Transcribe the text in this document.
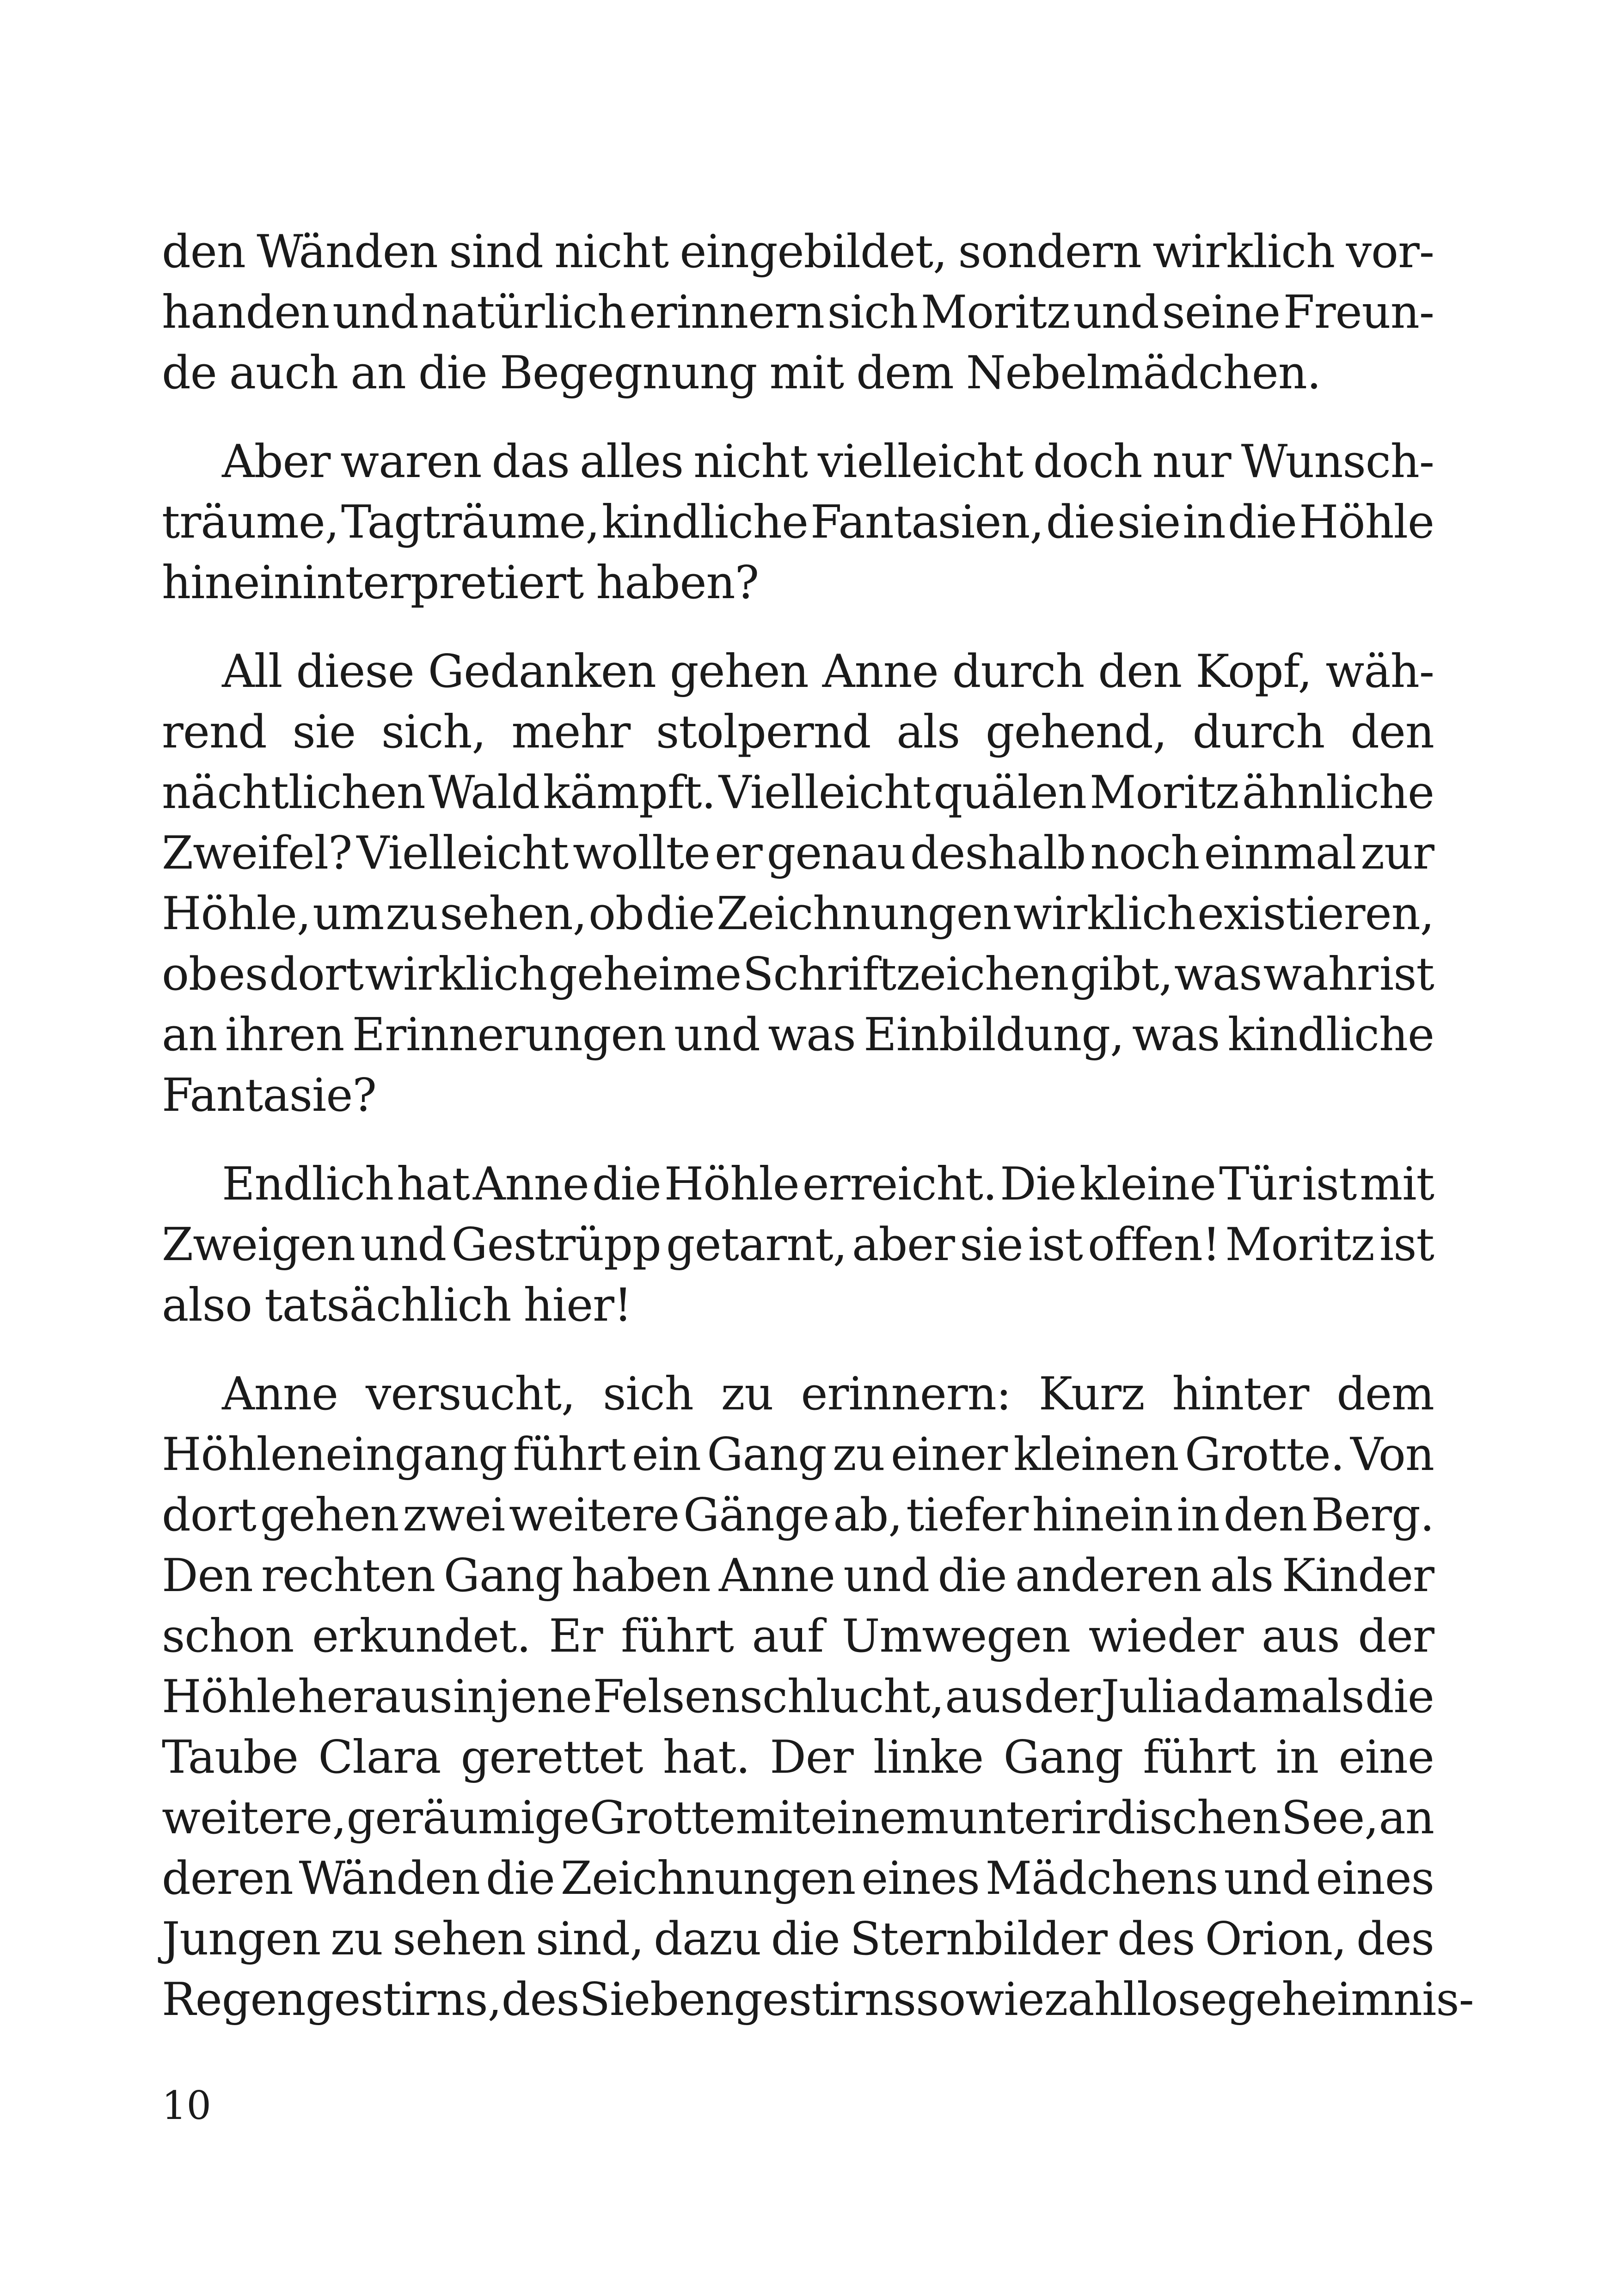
den Wänden sind nicht eingebildet, sondern wirklich vor-
handen und natürlich erinnern sich Moritz und seine Freun-
de auch an die Begegnung mit dem Nebelmädchen.
Aber waren das alles nicht vielleicht doch nur Wunsch-
träume, Tagträume, kindliche Fantasien, die sie in die Höhle
hineininterpretiert haben?
All diese Gedanken gehen Anne durch den Kopf, wäh-
rend sie sich, mehr stolpernd als gehend, durch den
nächtlichen Wald kämpft. Vielleicht quälen Moritz ähnliche
Zweifel? Vielleicht wollte er genau deshalb noch einmal zur
Höhle, um zu sehen, ob die Zeichnungen wirklich existieren,
ob es dort wirklich geheime Schriftzeichen gibt, was wahr ist
an ihren Erinnerungen und was Einbildung, was kindliche
Fantasie?
Endlich hat Anne die Höhle erreicht. Die kleine Tür ist mit
Zweigen und Gestrüpp getarnt, aber sie ist offen! Moritz ist
also tatsächlich hier!
Anne versucht, sich zu erinnern: Kurz hinter dem
Höhleneingang führt ein Gang zu einer kleinen Grotte. Von
dort gehen zwei weitere Gänge ab, tiefer hinein in den Berg.
Den rechten Gang haben Anne und die anderen als Kinder
schon erkundet. Er führt auf Umwegen wieder aus der
Höhle heraus in jene Felsenschlucht, aus der Julia damals die
Taube Clara gerettet hat. Der linke Gang führt in eine
weitere, geräumige Grotte mit einem unterirdischen See, an
deren Wänden die Zeichnungen eines Mädchens und eines
Jungen zu sehen sind, dazu die Sternbilder des Orion, des
Regengestirns, des Siebengestirns sowie zahllose geheimnis-
10
